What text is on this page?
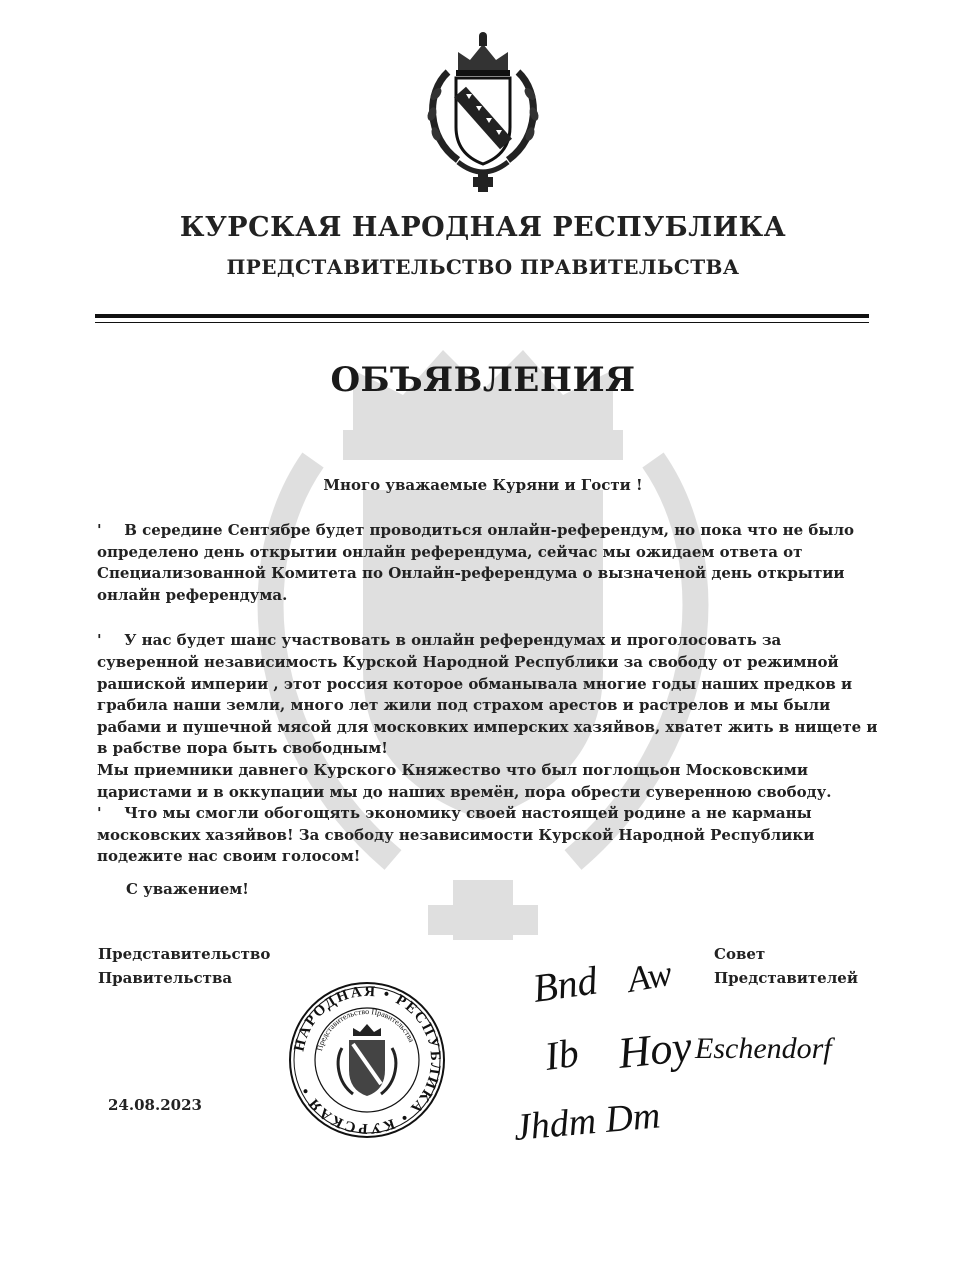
КУРСКАЯ НАРОДНАЯ РЕСПУБЛИКА
ПРЕДСТАВИТЕЛЬСТВО ПРАВИТЕЛЬСТВА
ОБЪЯВЛЕНИЯ
Много уважаемые Куряни и Гости !

' В середине Сентябре будет проводиться онлайн-референдум, но пока что не было определено день открытии онлайн референдума, сейчас мы ожидаем ответа от Специализованной Комитета по Онлайн-референдума о вызначеной день открытии онлайн референдума.

' У нас будет шанс участвовать в онлайн референдумах и проголосовать за суверенной независимость Курской Народной Республики за свободу от режимной рашиской империи , этот россия которое обманывала многие годы наших предков и грабила наши земли, много лет жили под страхом арестов и растрелов и мы были рабами и пушечной мясой для московких имперских хазяйвов, хватет жить в нищете и в рабстве пора быть свободным!

Мы приемники давнего Курского Княжество что был поглощьон Московскими царистами и в оккупации мы до наших времён, пора обрести суверенною свободу.

' Что мы смогли обогощять экономику своей настоящей родине а не карманы московских хазяйвов! За свободу независимости Курской Народной Республики подежите нас своим голосом!

С уважением!
Представительство
Правительства
Совет
Представителей
НАРОДНАЯ • РЕСПУБЛИКА • КУРСКАЯ •
Представительство Правительства
24.08.2023
Bnd Aw
Ib Hoy Eschendorf
Jhdm Dm
